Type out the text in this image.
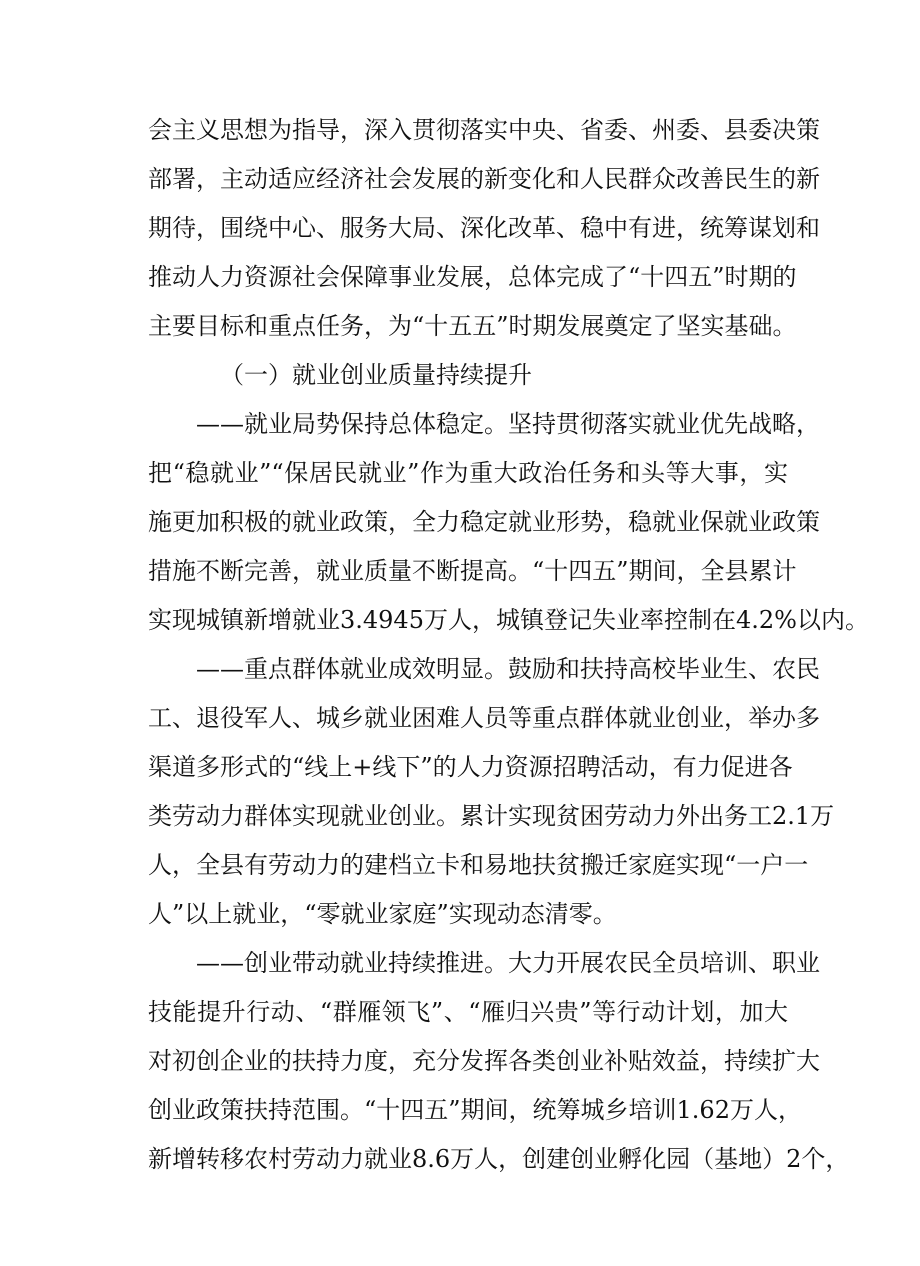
会主义思想为指导，深入贯彻落实中央、省委、州委、县委决策
部署，主动适应经济社会发展的新变化和人民群众改善民生的新
期待，围绕中心、服务大局、深化改革、稳中有进，统筹谋划和
推动人力资源社会保障事业发展，总体完成了“十四五”时期的
主要目标和重点任务，为“十五五”时期发展奠定了坚实基础。
（一）就业创业质量持续提升
——就业局势保持总体稳定。坚持贯彻落实就业优先战略，
把“稳就业”“保居民就业”作为重大政治任务和头等大事，实
施更加积极的就业政策，全力稳定就业形势，稳就业保就业政策
措施不断完善，就业质量不断提高。“十四五”期间，全县累计
实现城镇新增就业3.4945万人，城镇登记失业率控制在4.2%以内。
——重点群体就业成效明显。鼓励和扶持高校毕业生、农民
工、退役军人、城乡就业困难人员等重点群体就业创业，举办多
渠道多形式的“线上+线下”的人力资源招聘活动，有力促进各
类劳动力群体实现就业创业。累计实现贫困劳动力外出务工2.1万
人，全县有劳动力的建档立卡和易地扶贫搬迁家庭实现“一户一
人”以上就业，“零就业家庭”实现动态清零。
——创业带动就业持续推进。大力开展农民全员培训、职业
技能提升行动、“群雁领飞”、“雁归兴贵”等行动计划，加大
对初创企业的扶持力度，充分发挥各类创业补贴效益，持续扩大
创业政策扶持范围。“十四五”期间，统筹城乡培训1.62万人，
新增转移农村劳动力就业8.6万人，创建创业孵化园（基地）2个，
